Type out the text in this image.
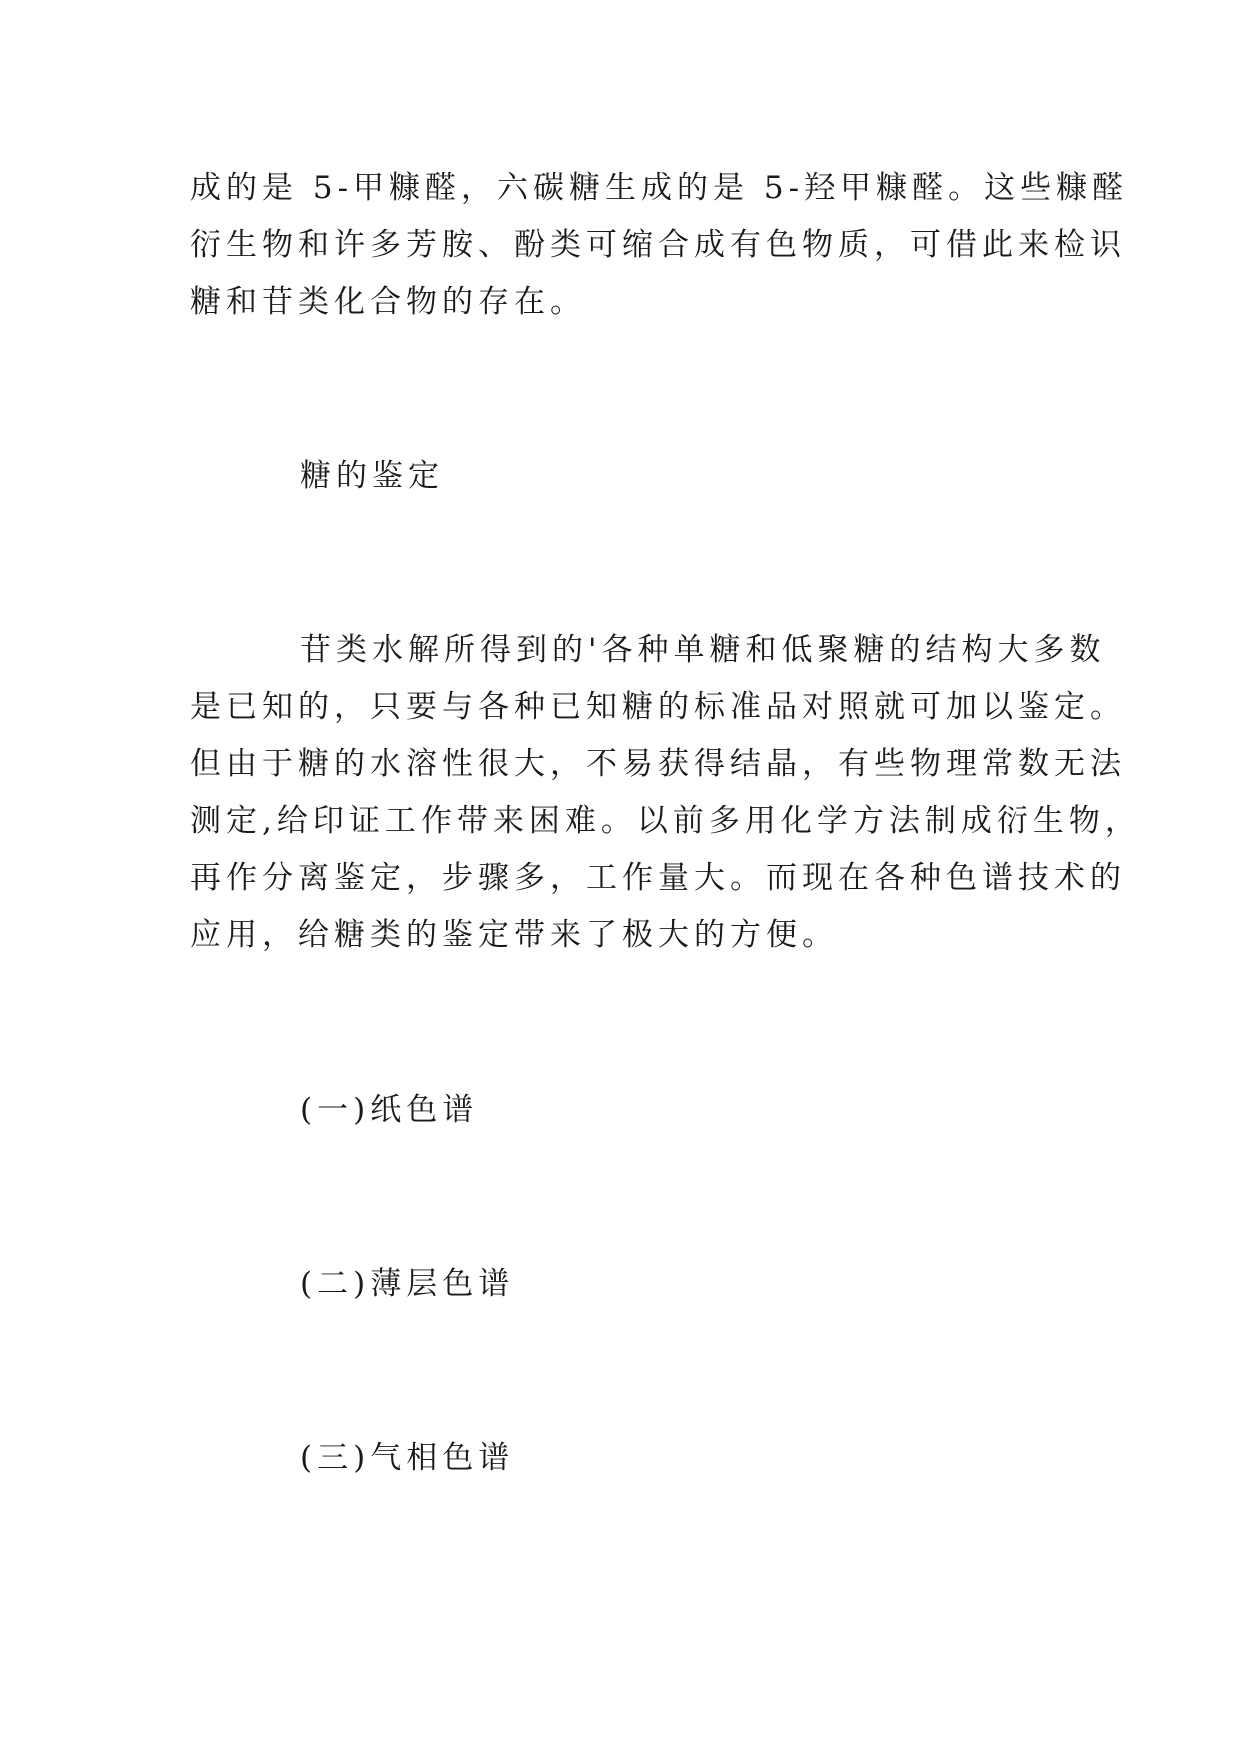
成的是 5-甲糠醛，六碳糖生成的是 5-羟甲糠醛。这些糠醛
衍生物和许多芳胺、酚类可缩合成有色物质，可借此来检识
糖和苷类化合物的存在。
糖的鉴定
苷类水解所得到的'各种单糖和低聚糖的结构大多数
是已知的，只要与各种已知糖的标准品对照就可加以鉴定。
但由于糖的水溶性很大，不易获得结晶，有些物理常数无法
测定,给印证工作带来困难。以前多用化学方法制成衍生物，
再作分离鉴定，步骤多，工作量大。而现在各种色谱技术的
应用，给糖类的鉴定带来了极大的方便。
(一)纸色谱
(二)薄层色谱
(三)气相色谱
